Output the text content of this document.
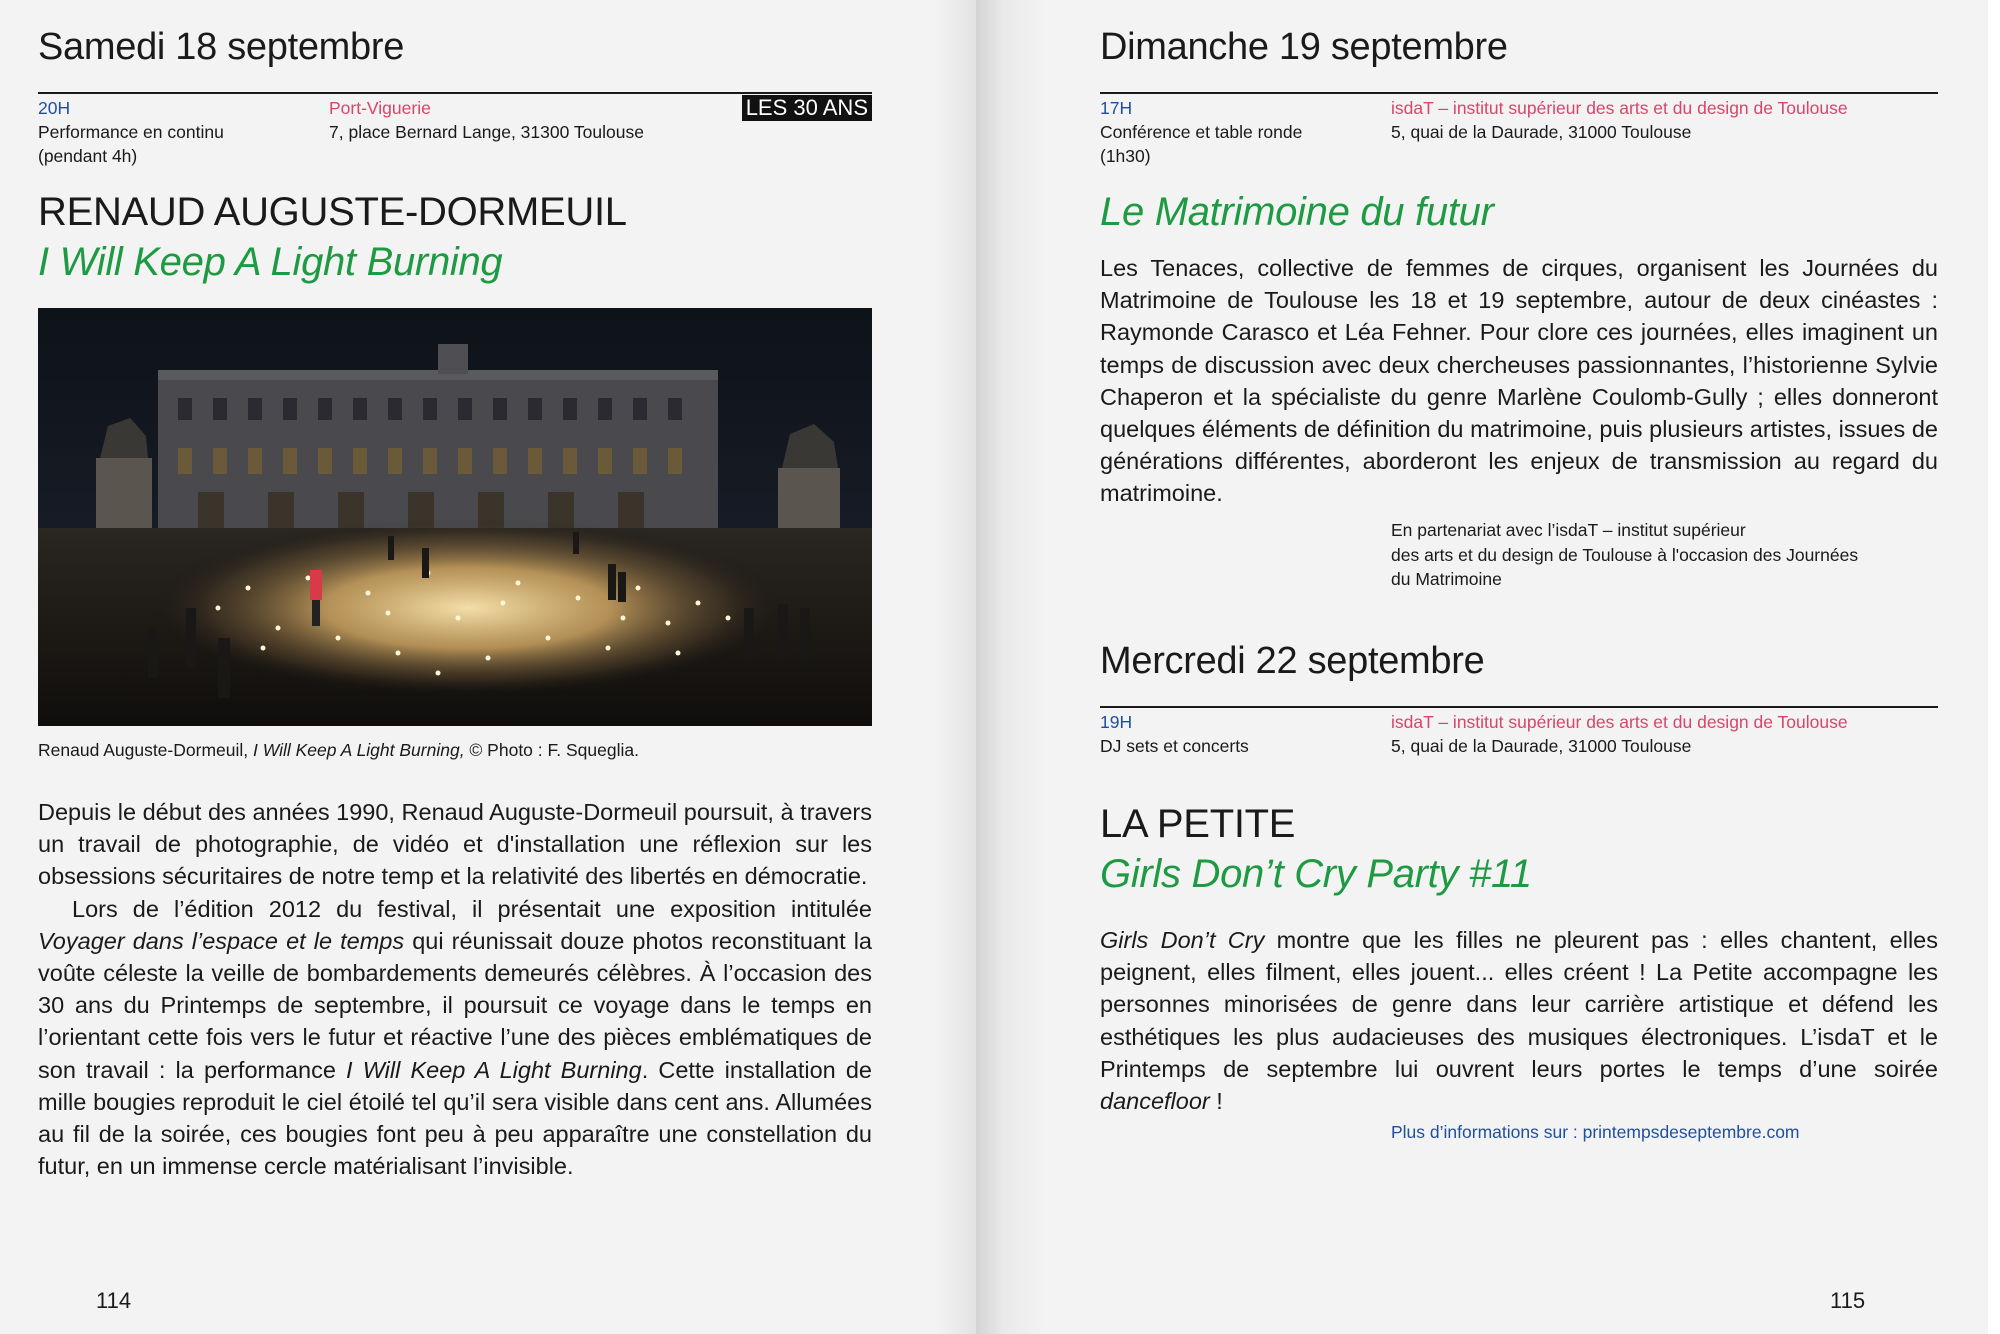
Samedi 18 septembre
LES 30 ANS
20H
Performance en continu
(pendant 4h)
Port-Viguerie
7, place Bernard Lange, 31300 Toulouse
RENAUD AUGUSTE-DORMEUIL
I Will Keep A Light Burning
Renaud Auguste-Dormeuil, I Will Keep A Light Burning, © Photo : F. Squeglia.

Depuis le début des années 1990, Renaud Auguste-Dormeuil poursuit, à travers un travail de photographie, de vidéo et d'installation une réflexion sur les obsessions sécuritaires de notre temp et la relativité des libertés en démocratie.

Lors de l’édition 2012 du festival, il présentait une exposition intitulée Voyager dans l’espace et le temps qui réunissait douze photos reconstituant la voûte céleste la veille de bombardements demeurés célèbres. À l’occasion des 30 ans du Printemps de septembre, il poursuit ce voyage dans le temps en l’orientant cette fois vers le futur et réactive l’une des pièces emblématiques de son travail : la performance I Will Keep A Light Burning. Cette installation de mille bougies reproduit le ciel étoilé tel qu’il sera visible dans cent ans. Allumées au fil de la soirée, ces bougies font peu à peu apparaître une constellation du futur, en un immense cercle matérialisant l’invisible.

114
Dimanche 19 septembre
17H
Conférence et table ronde
(1h30)
isdaT – institut supérieur des arts et du design de Toulouse
5, quai de la Daurade, 31000 Toulouse
Le Matrimoine du futur

Les Tenaces, collective de femmes de cirques, organisent les Journées du Matrimoine de Toulouse les 18 et 19 septembre, autour de deux cinéastes : Raymonde Carasco et Léa Fehner. Pour clore ces journées, elles imaginent un temps de discussion avec deux chercheuses passionnantes, l’historienne Sylvie Chaperon et la spécialiste du genre Marlène Coulomb-Gully ; elles donneront quelques éléments de définition du matrimoine, puis plusieurs artistes, issues de générations différentes, aborderont les enjeux de transmission au regard du matrimoine.

En partenariat avec l’isdaT – institut supérieur
des arts et du design de Toulouse à l'occasion des Journées
du Matrimoine
Mercredi 22 septembre
19H
DJ sets et concerts
isdaT – institut supérieur des arts et du design de Toulouse
5, quai de la Daurade, 31000 Toulouse
LA PETITE
Girls Don’t Cry Party #11

Girls Don’t Cry montre que les filles ne pleurent pas : elles chantent, elles peignent, elles filment, elles jouent... elles créent ! La Petite accompagne les personnes minorisées de genre dans leur carrière artistique et défend les esthétiques les plus audacieuses des musiques électroniques. L’isdaT et le Printemps de septembre lui ouvrent leurs portes le temps d’une soirée dancefloor !

Plus d’informations sur : printempsdeseptembre.com
115
